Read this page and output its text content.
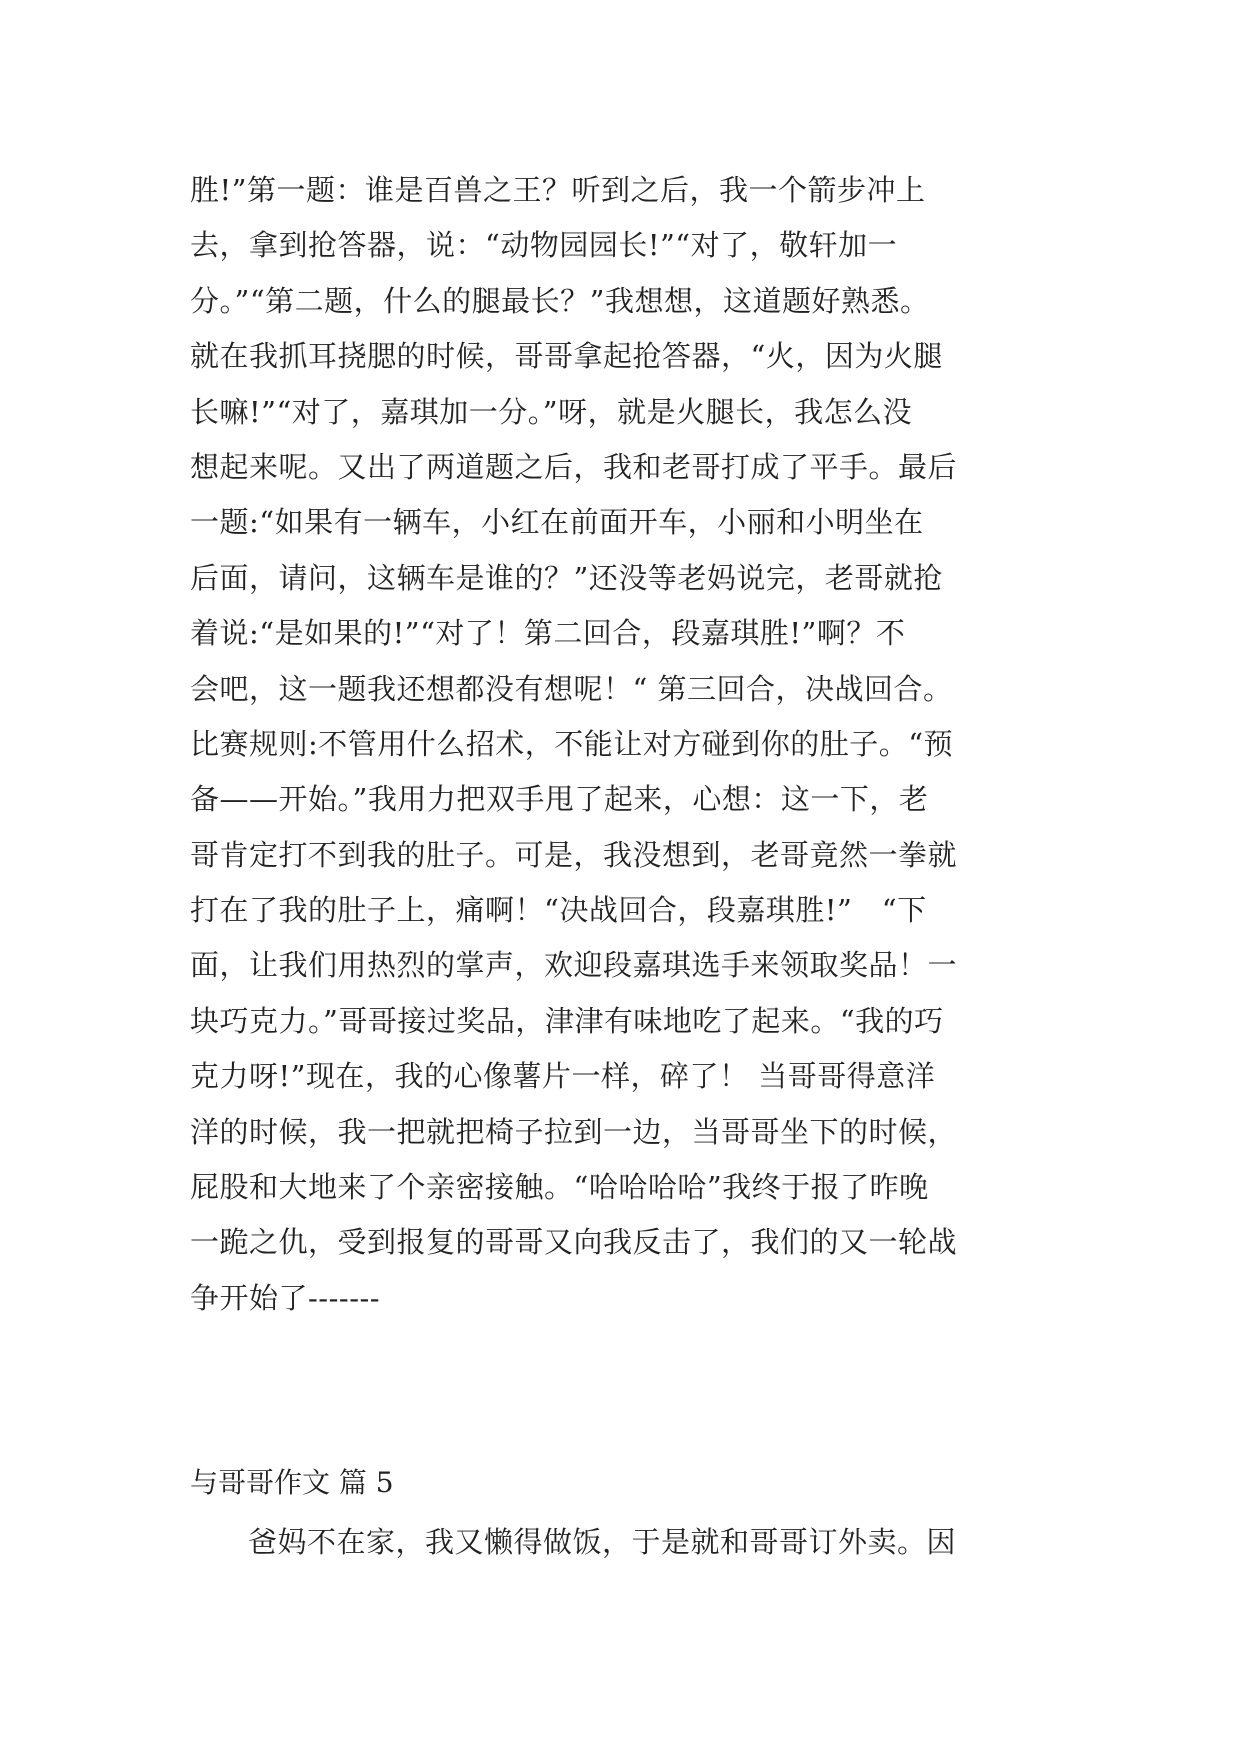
胜!”第一题：谁是百兽之王？听到之后，我一个箭步冲上
去，拿到抢答器，说：“动物园园长!”“对了，敬轩加一
分。”“第二题，什么的腿最长？”我想想，这道题好熟悉。
就在我抓耳挠腮的时候，哥哥拿起抢答器，“火，因为火腿
长嘛!”“对了，嘉琪加一分。”呀，就是火腿长，我怎么没
想起来呢。又出了两道题之后，我和老哥打成了平手。最后
一题:“如果有一辆车，小红在前面开车，小丽和小明坐在
后面，请问，这辆车是谁的？”还没等老妈说完，老哥就抢
着说:“是如果的!”“对了！第二回合，段嘉琪胜!”啊？不
会吧，这一题我还想都没有想呢！“ 第三回合，决战回合。
比赛规则:不管用什么招术，不能让对方碰到你的肚子。“预
备——开始。”我用力把双手甩了起来，心想：这一下，老
哥肯定打不到我的肚子。可是，我没想到，老哥竟然一拳就
打在了我的肚子上，痛啊！“决战回合，段嘉琪胜!”　“下
面，让我们用热烈的掌声，欢迎段嘉琪选手来领取奖品！一
块巧克力。”哥哥接过奖品，津津有味地吃了起来。“我的巧
克力呀!”现在，我的心像薯片一样，碎了！ 当哥哥得意洋
洋的时候，我一把就把椅子拉到一边，当哥哥坐下的时候，
屁股和大地来了个亲密接触。“哈哈哈哈”我终于报了昨晚
一跪之仇，受到报复的哥哥又向我反击了，我们的又一轮战
争开始了-------
与哥哥作文 篇 5

爸妈不在家，我又懒得做饭，于是就和哥哥订外卖。因
